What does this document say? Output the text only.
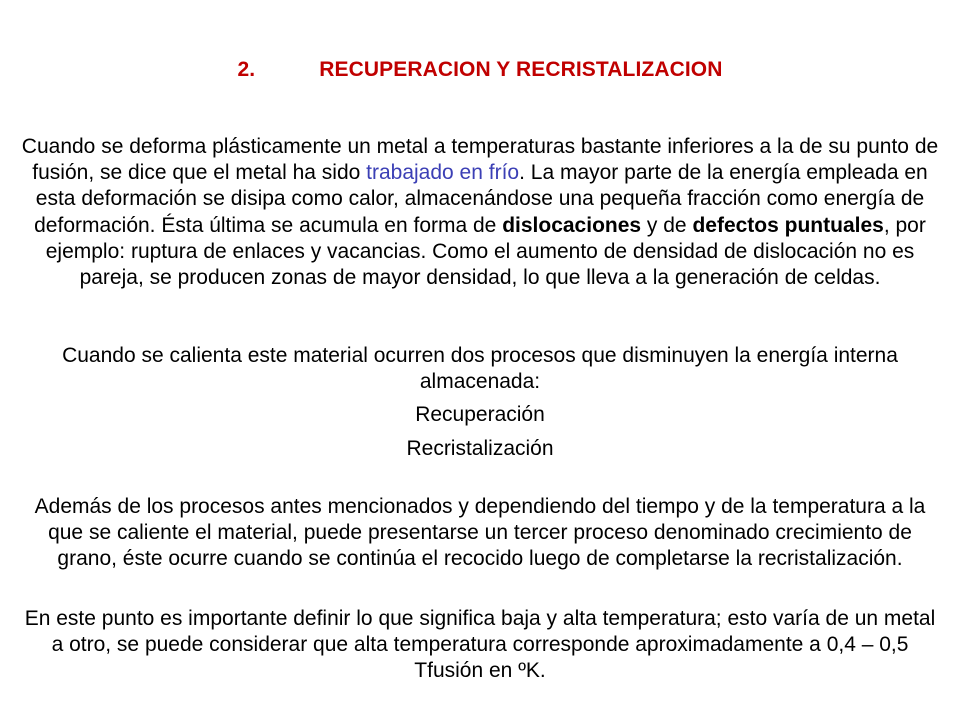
2.	RECUPERACION Y RECRISTALIZACION
Cuando se deforma plásticamente un metal a temperaturas bastante inferiores a la de su punto de fusión, se dice que el metal ha sido trabajado en frío. La mayor parte de la energía empleada en esta deformación se disipa como calor, almacenándose una pequeña fracción como energía de deformación. Ésta última se acumula en forma de dislocaciones y de defectos puntuales, por ejemplo: ruptura de enlaces y vacancias. Como el aumento de densidad de dislocación no es pareja, se producen zonas de mayor densidad, lo que lleva a la generación de celdas.
Cuando se calienta este material ocurren dos procesos que disminuyen la energía interna almacenada:
Recuperación
Recristalización
Además de los procesos antes mencionados y dependiendo del tiempo y de la temperatura a la que se caliente el material, puede presentarse un tercer proceso denominado crecimiento de grano, éste ocurre cuando se continúa el recocido luego de completarse la recristalización.
En este punto es importante definir lo que significa baja y alta temperatura; esto varía de un metal a otro, se puede considerar que alta temperatura corresponde aproximadamente a 0,4 – 0,5 Tfusión en ºK.
